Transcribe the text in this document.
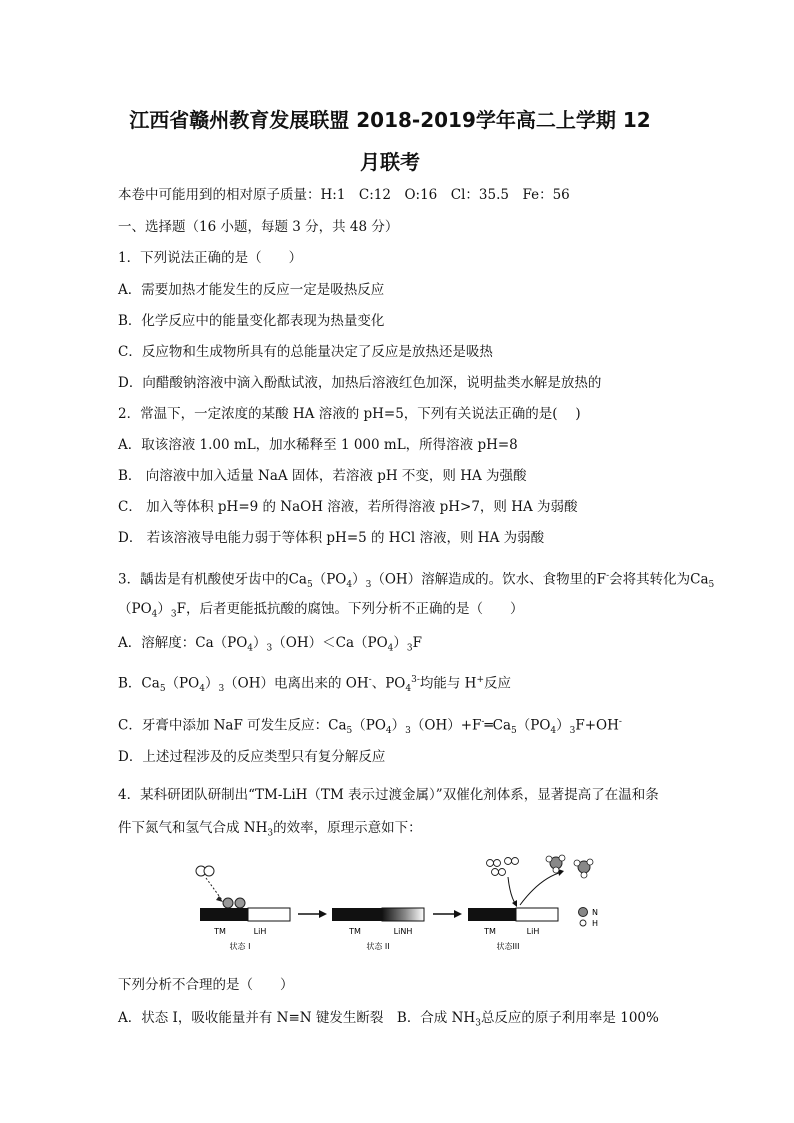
江西省赣州教育发展联盟 2018-2019学年高二上学期 12
月联考
本卷中可能用到的相对原子质量：H:1　C:12　O:16　Cl：35.5　Fe：56
一、选择题（16 小题，每题 3 分，共 48 分）
1．下列说法正确的是（　　）
A．需要加热才能发生的反应一定是吸热反应
B．化学反应中的能量变化都表现为热量变化
C．反应物和生成物所具有的总能量决定了反应是放热还是吸热
D．向醋酸钠溶液中滴入酚酞试液，加热后溶液红色加深，说明盐类水解是放热的
2．常温下，一定浓度的某酸 HA 溶液的 pH=5，下列有关说法正确的是(　 )
A．取该溶液 1.00 mL，加水稀释至 1 000 mL，所得溶液 pH=8
B． 向溶液中加入适量 NaA 固体，若溶液 pH 不变，则 HA 为强酸
C． 加入等体积 pH=9 的 NaOH 溶液，若所得溶液 pH>7，则 HA 为弱酸
D． 若该溶液导电能力弱于等体积 pH=5 的 HCl 溶液，则 HA 为弱酸
3．龋齿是有机酸使牙齿中的$Ca_5(PO_4)_3(OH)$溶解造成的。饮水、食物里的F-会将其转化为$Ca_5$
$(PO_4)_3F$，后者更能抵抗酸的腐蚀。下列分析不正确的是（　　）
A．溶解度：$Ca(PO_4)_3(OH)<Ca(PO_4)_3F$
B．$Ca_5(PO_4)_3(OH)$电离出来的 OH-、$PO_4^{3-}$均能与 H+反应
C．牙膏中添加 NaF 可发生反应：$Ca_5(PO_4)_3(OH)+F^-═Ca_5(PO_4)_3F+OH^-$
D．上述过程涉及的反应类型只有复分解反应
4．某科研团队研制出“TM-LiH（TM 表示过渡金属）”双催化剂体系，显著提高了在温和条
件下氮气和氢气合成 $NH_3$的效率，原理示意如下：
TM	LiH
状态 I
TM	LiNH
状态 II
TM	LiH
状态III
N
H
下列分析不合理的是（　　）
A．状态 I，吸收能量并有 N≡N 键发生断裂　B．合成 $NH_3$总反应的原子利用率是 100%
